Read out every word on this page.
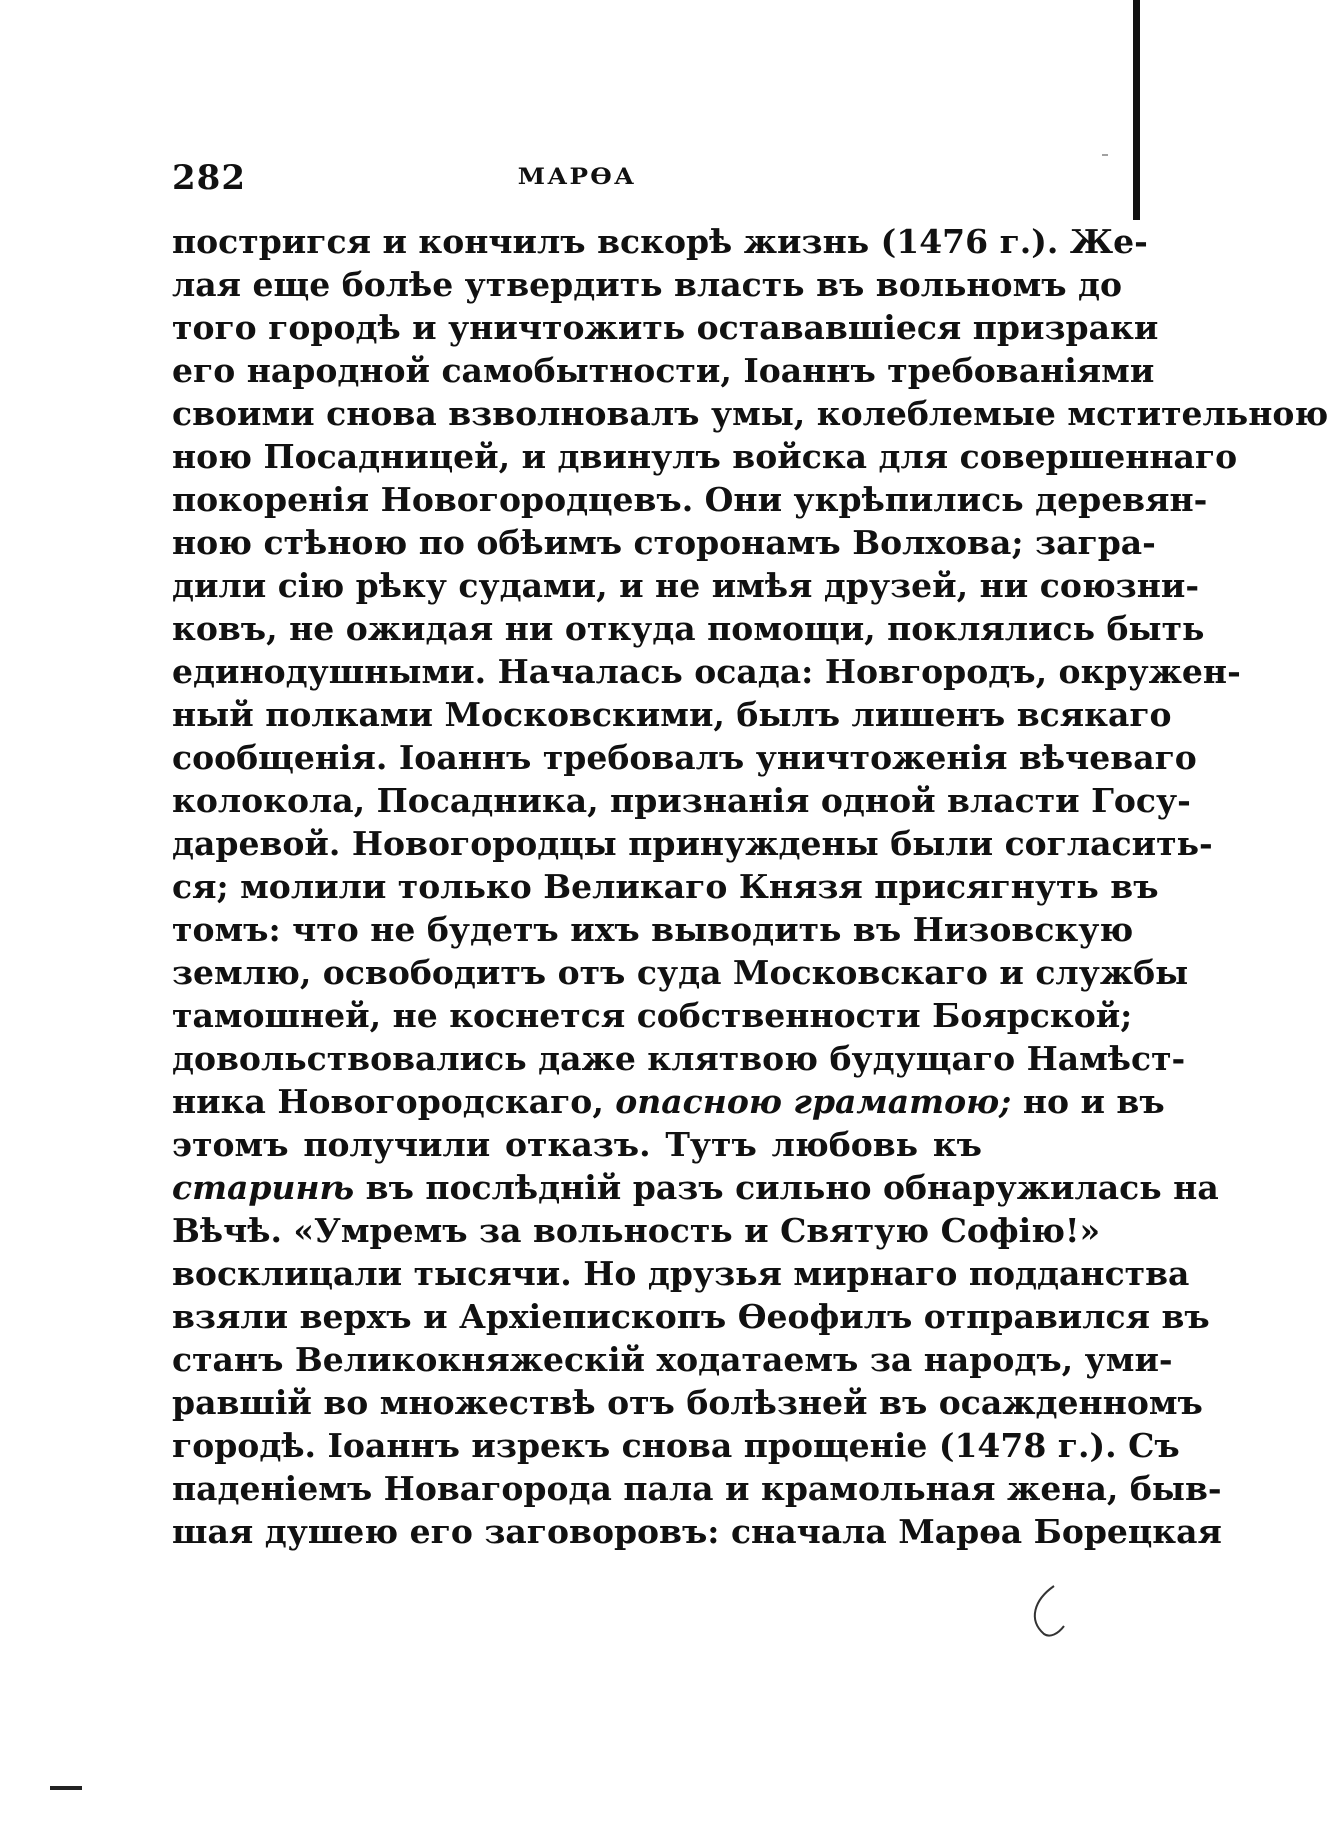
282	МАРѲА
постригся и кончилъ вскорѣ жизнь (1476 г.). Же-
лая еще болѣе утвердить власть въ вольномъ до
того городѣ и уничтожить остававшіеся призраки
его народной самобытности, Іоаннъ требованіями
своими снова взволновалъ умы, колеблемые мстительною
ною Посадницей, и двинулъ войска для совершеннаго
покоренія Новогородцевъ. Они укрѣпились деревян-
ною стѣною по обѣимъ сторонамъ Волхова; загра-
дили сію рѣку судами, и не имѣя друзей, ни союзни-
ковъ, не ожидая ни откуда помощи, поклялись быть
единодушными. Началась осада: Новгородъ, окружен-
ный полками Московскими, былъ лишенъ всякаго
сообщенія. Іоаннъ требовалъ уничтоженія вѣчеваго
колокола, Посадника, признанія одной власти Госу-
даревой. Новогородцы принуждены были согласить-
ся; молили только Великаго Князя присягнуть въ
томъ: что не будетъ ихъ выводить въ Низовскую
землю, освободитъ отъ суда Московскаго и службы
тамошней, не коснется собственности Боярской;
довольствовались даже клятвою будущаго Намѣст-
ника Новогородскаго, опасною граматою; но и въ
этомъ получили отказъ. Тутъ любовь къ
старинѣ въ послѣдній разъ сильно обнаружилась на
Вѣчѣ. «Умремъ за вольность и Святую Софію!»
восклицали тысячи. Но друзья мирнаго подданства
взяли верхъ и Архіепископъ Ѳеофилъ отправился въ
станъ Великокняжескій ходатаемъ за народъ, уми-
равшій во множествѣ отъ болѣзней въ осажденномъ
городѣ. Іоаннъ изрекъ снова прощеніе (1478 г.). Съ
паденіемъ Новагорода пала и крамольная жена, быв-
шая душею его заговоровъ: сначала Марѳа Борецкая
